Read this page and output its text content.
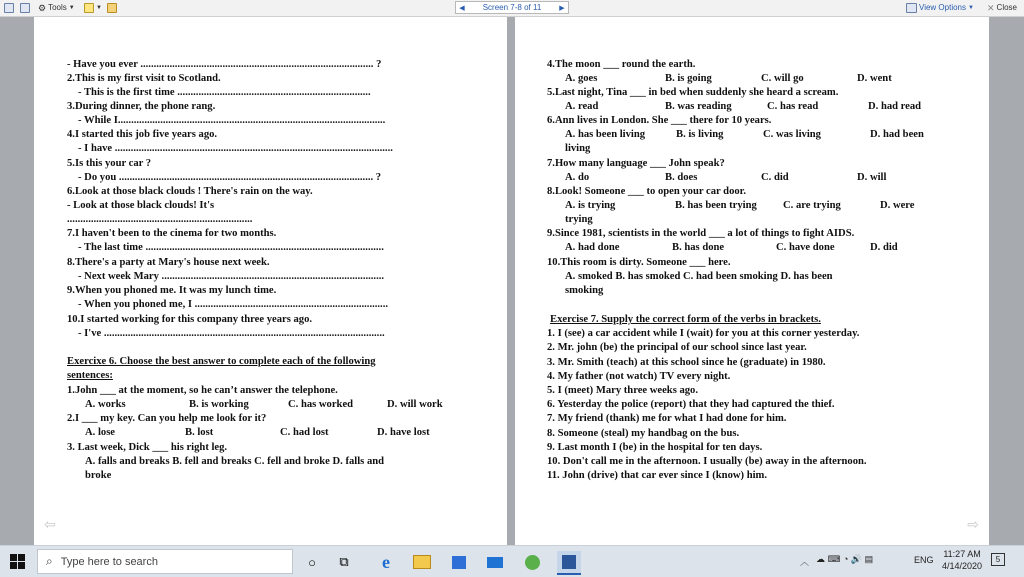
⚙ Tools ▼	▼	◀	Screen 7-8 of 11	▶	View Options ▼ ✕ Close
- Have you ever ........................................................................................ ?
2.This is my first visit to Scotland.
- This is the first time .........................................................................
3.During dinner, the phone rang.
- While I.....................................................................................................
4.I started this job five years ago.
- I have .........................................................................................................
5.Is this your car ?
- Do you ................................................................................................ ?
6.Look at those black clouds ! There's rain on the way.
- Look at those black clouds! It's
......................................................................
7.I haven't been to the cinema for two months.
- The last time ..........................................................................................
8.There's a party at Mary's house next week.
- Next week Mary ....................................................................................
9.When you phoned me. It was my lunch time.
- When you phoned me, I .........................................................................
10.I started working for this company three years ago.
- I've ..........................................................................................................
Exercixe 6. Choose the best answer to complete each of the following
sentences:
1.John ___ at the moment, so he can’t answer the telephone.
A. works	B. is working	C. has worked	D. will work
2.I ___ my key. Can you help me look for it?
A. lose	B. lost	C. had lost	D. have lost
3. Last week, Dick ___ his right leg.
A. falls and breaks B. fell and breaks C. fell and broke D. falls and
broke
⇦
4.The moon ___ round the earth.
A. goes	B. is going	C. will go	D. went
5.Last night, Tina ___ in bed when suddenly she heard a scream.
A. read	B. was reading	C. has read	D. had read
6.Ann lives in London. She ___ there for 10 years.
A. has been living	B. is living	C. was living	D. had been
living
7.How many language ___ John speak?
A. do	B. does	C. did	D. will
8.Look! Someone ___ to open your car door.
A. is trying	B. has been trying C. are trying	D. were
trying
9.Since 1981, scientists in the world ___ a lot of things to fight AIDS.
A. had done	B. has done	C. have done	D. did
10.This room is dirty. Someone ___ here.
A. smoked B. has smoked C. had been smoking D. has been
smoking
Exercise 7. Supply the correct form of the verbs in brackets.
1. I (see) a car accident while I (wait) for you at this corner yesterday.
2. Mr. john (be) the principal of our school since last year.
3. Mr. Smith (teach) at this school since he (graduate) in 1980.
4. My father (not watch) TV every night.
5. I (meet) Mary three weeks ago.
6. Yesterday the police (report) that they had captured the thief.
7. My friend (thank) me for what I had done for him.
8. Someone (steal) my handbag on the bus.
9. Last month I (be) in the hospital for ten days.
10. Don't call me in the afternoon. I usually (be) away in the afternoon.
11. John (drive) that car ever since I (know) him.
⇨
⌕ Type here to search	○	⧉	e	︿ ☁ ⌨ ◔ 🔊 ▤	ENG
11:27 AM
4/14/2020
5
